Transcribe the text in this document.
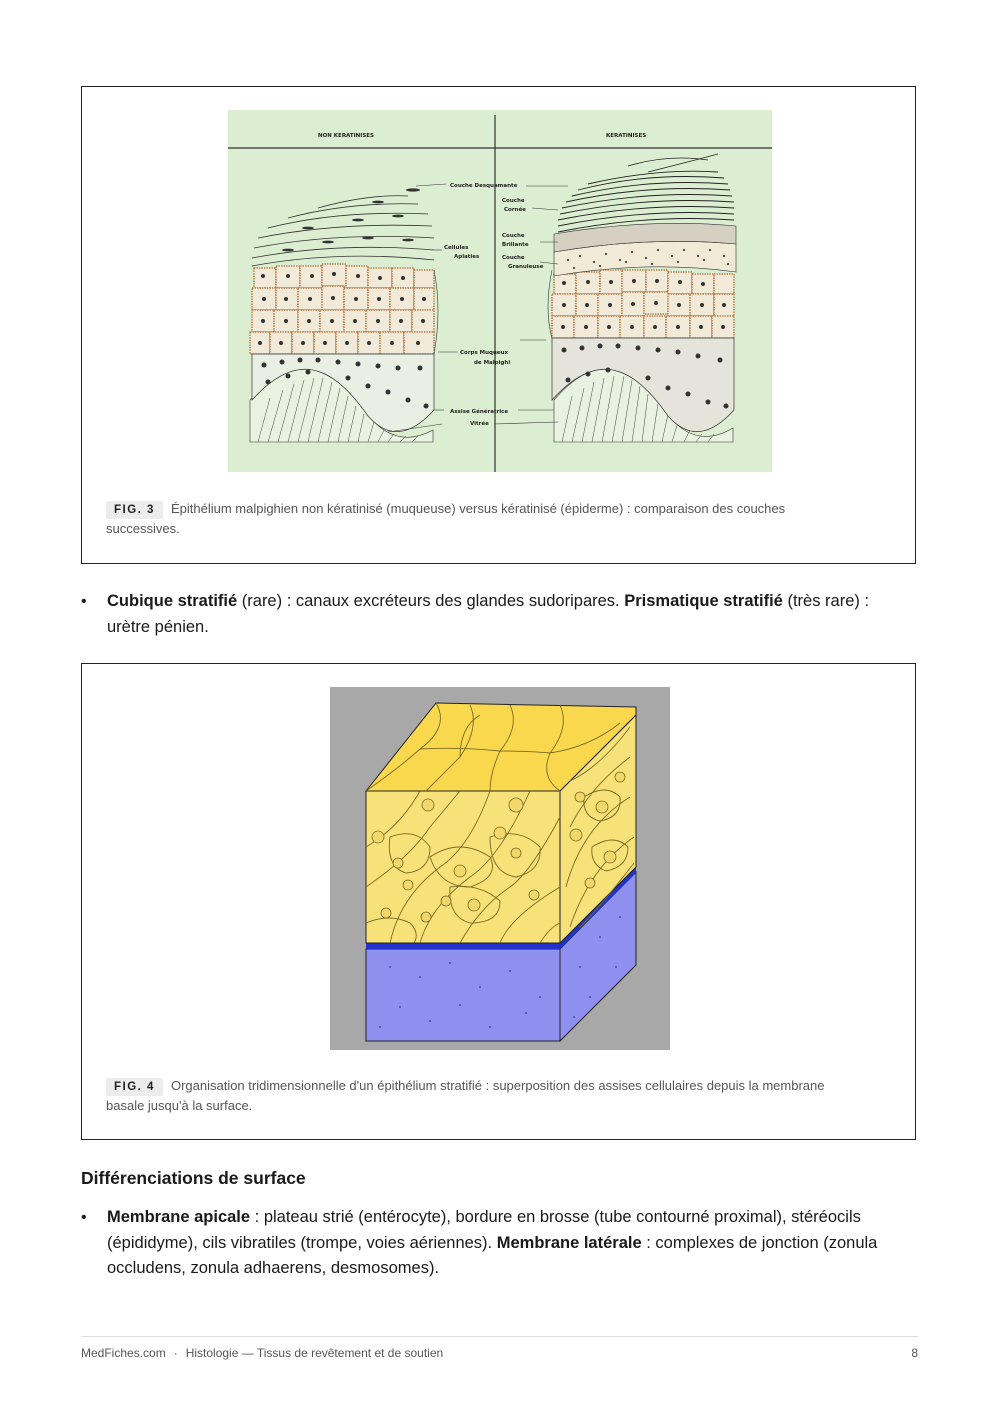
NON KERATINISES	KERATINISES
Couche Desquamante
Couche
Cornée
Couche
Brillante
Couche
Granuleuse
Cellules
Aplaties
Corps Muqueux
de Malpighi
Assise Génératrice
Vitrée
FIG. 3 Épithélium malpighien non kératinisé (muqueuse) versus kératinisé (épiderme) : comparaison des couches successives.
• Cubique stratifié (rare) : canaux excréteurs des glandes sudoripares. Prismatique stratifié (très rare) : urètre pénien.
FIG. 4 Organisation tridimensionnelle d'un épithélium stratifié : superposition des assises cellulaires depuis la membrane basale jusqu'à la surface.
Différenciations de surface
• Membrane apicale : plateau strié (entérocyte), bordure en brosse (tube contourné proximal), stéréocils (épididyme), cils vibratiles (trompe, voies aériennes). Membrane latérale : complexes de jonction (zonula occludens, zonula adhaerens, desmosomes).
MedFiches.com · Histologie — Tissus de revêtement et de soutien	8
